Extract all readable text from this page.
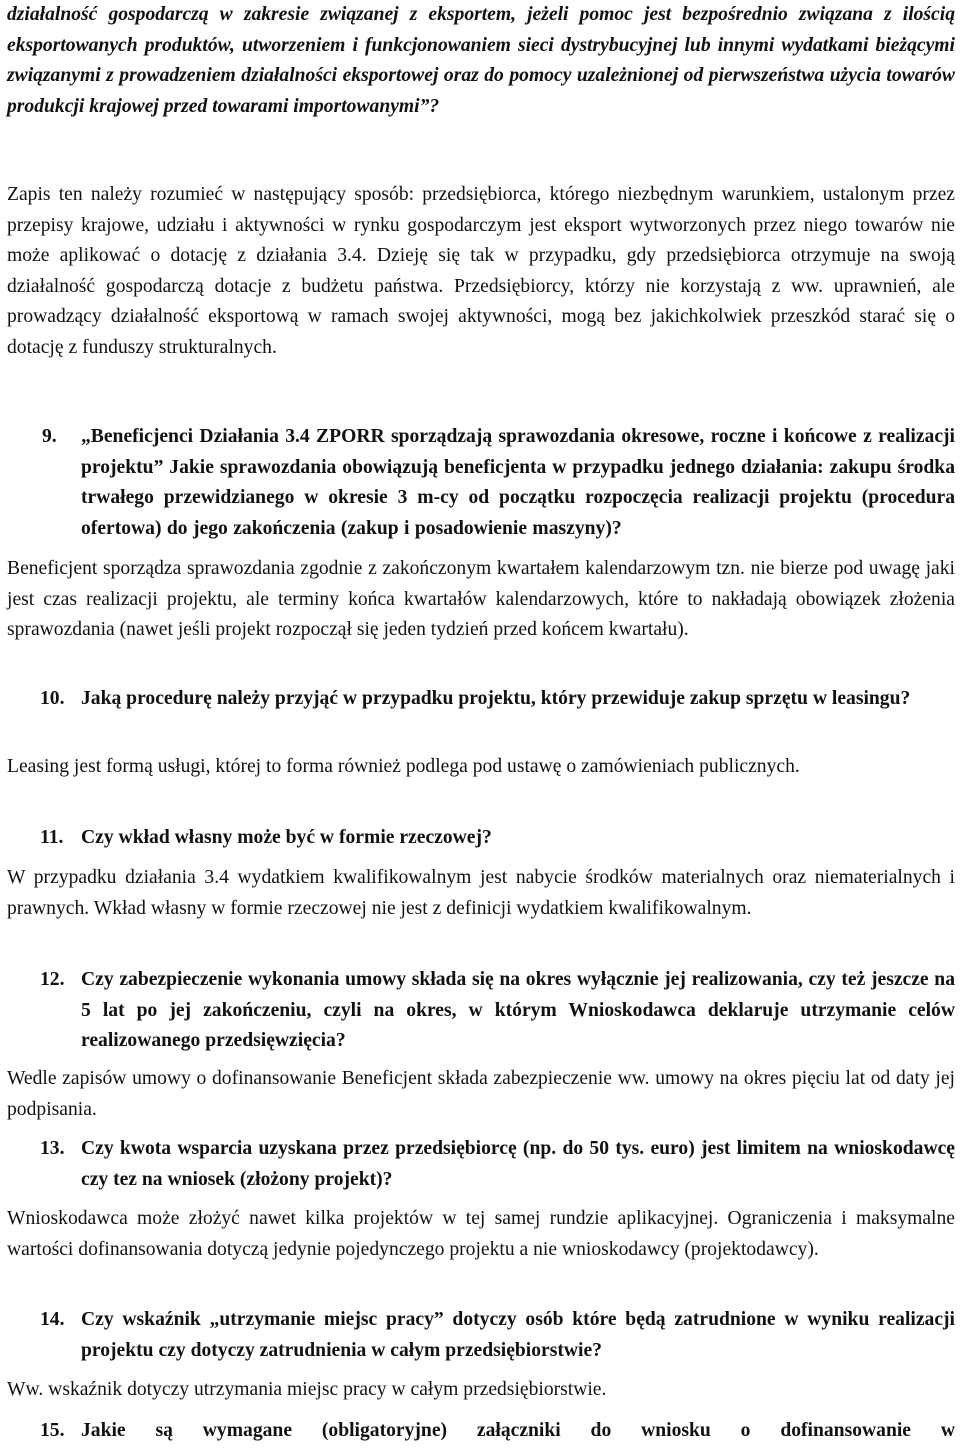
działalność gospodarczą w zakresie związanej z eksportem, jeżeli pomoc jest bezpośrednio związana z ilością eksportowanych produktów, utworzeniem i funkcjonowaniem sieci dystrybucyjnej lub innymi wydatkami bieżącymi związanymi z prowadzeniem działalności eksportowej oraz do pomocy uzależnionej od pierwszeństwa użycia towarów produkcji krajowej przed towarami importowanymi”?

Zapis ten należy rozumieć w następujący sposób: przedsiębiorca, którego niezbędnym warunkiem, ustalonym przez przepisy krajowe, udziału i aktywności w rynku gospodarczym jest eksport wytworzonych przez niego towarów nie może aplikować o dotację z działania 3.4. Dzieję się tak w przypadku, gdy przedsiębiorca otrzymuje na swoją działalność gospodarczą dotacje z budżetu państwa. Przedsiębiorcy, którzy nie korzystają z ww. uprawnień, ale prowadzący działalność eksportową w ramach swojej aktywności, mogą bez jakichkolwiek przeszkód starać się o dotację z funduszy strukturalnych.

9. „Beneficjenci Działania 3.4 ZPORR sporządzają sprawozdania okresowe, roczne i końcowe z realizacji projektu” Jakie sprawozdania obowiązują beneficjenta w przypadku jednego działania: zakupu środka trwałego przewidzianego w okresie 3 m-cy od początku rozpoczęcia realizacji projektu (procedura ofertowa) do jego zakończenia (zakup i posadowienie maszyny)?

Beneficjent sporządza sprawozdania zgodnie z zakończonym kwartałem kalendarzowym tzn. nie bierze pod uwagę jaki jest czas realizacji projektu, ale terminy końca kwartałów kalendarzowych, które to nakładają obowiązek złożenia sprawozdania (nawet jeśli projekt rozpoczął się jeden tydzień przed końcem kwartału).

10. Jaką procedurę należy przyjąć w przypadku projektu, który przewiduje zakup sprzętu w leasingu?

Leasing jest formą usługi, której to forma również podlega pod ustawę o zamówieniach publicznych.

11. Czy wkład własny może być w formie rzeczowej?

W przypadku działania 3.4 wydatkiem kwalifikowalnym jest nabycie środków materialnych oraz niematerialnych i prawnych. Wkład własny w formie rzeczowej nie jest z definicji wydatkiem kwalifikowalnym.

12. Czy zabezpieczenie wykonania umowy składa się na okres wyłącznie jej realizowania, czy też jeszcze na 5 lat po jej zakończeniu, czyli na okres, w którym Wnioskodawca deklaruje utrzymanie celów realizowanego przedsięwzięcia?

Wedle zapisów umowy o dofinansowanie Beneficjent składa zabezpieczenie ww. umowy na okres pięciu lat od daty jej podpisania.

13. Czy kwota wsparcia uzyskana przez przedsiębiorcę (np. do 50 tys. euro) jest limitem na wnioskodawcę czy tez na wniosek (złożony projekt)?

Wnioskodawca może złożyć nawet kilka projektów w tej samej rundzie aplikacyjnej. Ograniczenia i maksymalne wartości dofinansowania dotyczą jedynie pojedynczego projektu a nie wnioskodawcy (projektodawcy).

14. Czy wskaźnik „utrzymanie miejsc pracy” dotyczy osób które będą zatrudnione w wyniku realizacji projektu czy dotyczy zatrudnienia w całym przedsiębiorstwie?

Ww. wskaźnik dotyczy utrzymania miejsc pracy w całym przedsiębiorstwie.

15. Jakie są wymagane (obligatoryjne) załączniki do wniosku o dofinansowanie w
